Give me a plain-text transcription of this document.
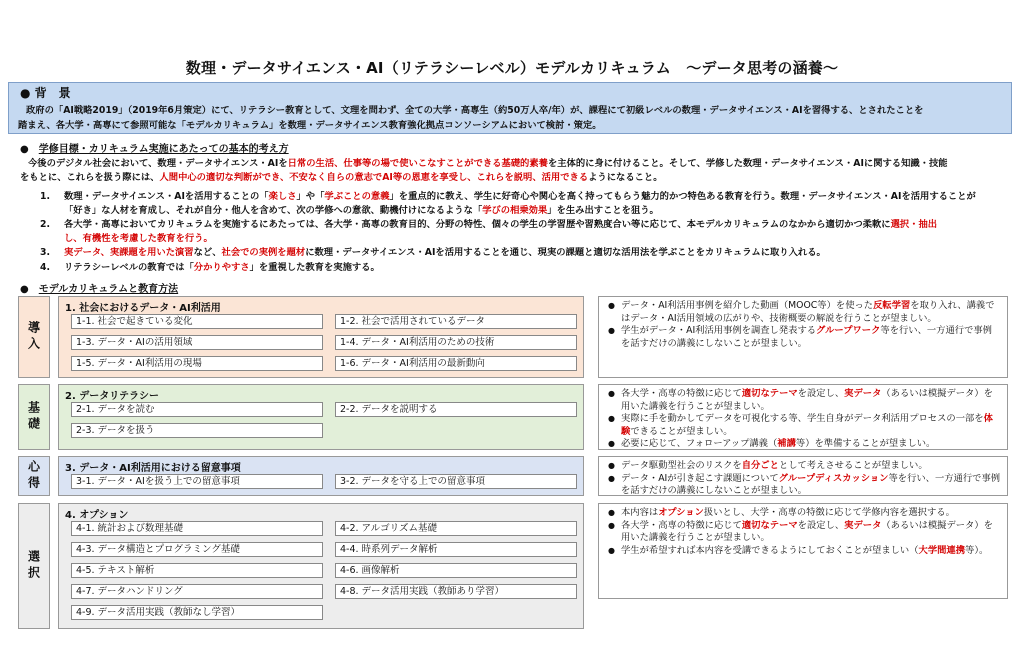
数理・データサイエンス・AI（リテラシーレベル）モデルカリキュラム　～データ思考の涵養～
● 背　景
政府の「AI戦略2019」（2019年6月策定）にて、リテラシー教育として、文理を問わず、全ての大学・高専生（約50万人卒/年）が、課程にて初級レベルの数理・データサイエンス・AIを習得する、とされたことを
踏まえ、各大学・高専にて参照可能な「モデルカリキュラム」を数理・データサイエンス教育強化拠点コンソーシアムにおいて検討・策定。
●　学修目標・カリキュラム実施にあたっての基本的考え方
今後のデジタル社会において、数理・データサイエンス・AIを日常の生活、仕事等の場で使いこなすことができる基礎的素養を主体的に身に付けること。そして、学修した数理・データサイエンス・AIに関する知識・技能
をもとに、これらを扱う際には、人間中心の適切な判断ができ、不安なく自らの意志でAI等の恩恵を享受し、これらを説明、活用できるようになること。
1. 数理・データサイエンス・AIを活用することの「楽しさ」や「学ぶことの意義」を重点的に教え、学生に好奇心や関心を高く持ってもらう魅力的かつ特色ある教育を行う。数理・データサイエンス・AIを活用することが
「好き」な人材を育成し、それが自分・他人を含めて、次の学修への意欲、動機付けになるような「学びの相乗効果」を生み出すことを狙う。
2. 各大学・高専においてカリキュラムを実施するにあたっては、各大学・高専の教育目的、分野の特性、個々の学生の学習歴や習熟度合い等に応じて、本モデルカリキュラムのなかから適切かつ柔軟に選択・抽出
し、有機性を考慮した教育を行う。
3. 実データ、実課題を用いた演習など、社会での実例を題材に数理・データサイエンス・AIを活用することを通じ、現実の課題と適切な活用法を学ぶことをカリキュラムに取り入れる。
4. リテラシーレベルの教育では「分かりやすさ」を重視した教育を実施する。
●　モデルカリキュラムと教育方法
導入
1. 社会におけるデータ・AI利活用
1-1. 社会で起きている変化	1-2. 社会で活用されているデータ
1-3. データ・AIの活用領域	1-4. データ・AI利活用のための技術
1-5. データ・AI利活用の現場	1-6. データ・AI利活用の最新動向
● データ・AI利活用事例を紹介した動画（MOOC等）を使った反転学習を取り入れ、講義ではデータ・AI活用領域の広がりや、技術概要の解説を行うことが望ましい。
● 学生がデータ・AI利活用事例を調査し発表するグループワーク等を行い、一方通行で事例を話すだけの講義にしないことが望ましい。
基礎
2. データリテラシー
2-1. データを読む	2-2. データを説明する
2-3. データを扱う
● 各大学・高専の特徴に応じて適切なテーマを設定し、実データ（あるいは模擬データ）を用いた講義を行うことが望ましい。
● 実際に手を動かしてデータを可視化する等、学生自身がデータ利活用プロセスの一部を体験できることが望ましい。
● 必要に応じて、フォローアップ講義（補講等）を準備することが望ましい。
心得 3. データ・AI利活用における留意事項
3-1. データ・AIを扱う上での留意事項	3-2. データを守る上での留意事項
● データ駆動型社会のリスクを自分ごととして考えさせることが望ましい。
● データ・AIが引き起こす課題についてグループディスカッション等を行い、一方通行で事例を話すだけの講義にしないことが望ましい。
選択
4. オプション
4-1. 統計および数理基礎	4-2. アルゴリズム基礎
4-3. データ構造とプログラミング基礎	4-4. 時系列データ解析
4-5. テキスト解析	4-6. 画像解析
4-7. データハンドリング	4-8. データ活用実践（教師あり学習）
4-9. データ活用実践（教師なし学習）
● 本内容はオプション扱いとし、大学・高専の特徴に応じて学修内容を選択する。
● 各大学・高専の特徴に応じて適切なテーマを設定し、実データ（あるいは模擬データ）を用いた講義を行うことが望ましい。
● 学生が希望すれば本内容を受講できるようにしておくことが望ましい（大学間連携等）。
